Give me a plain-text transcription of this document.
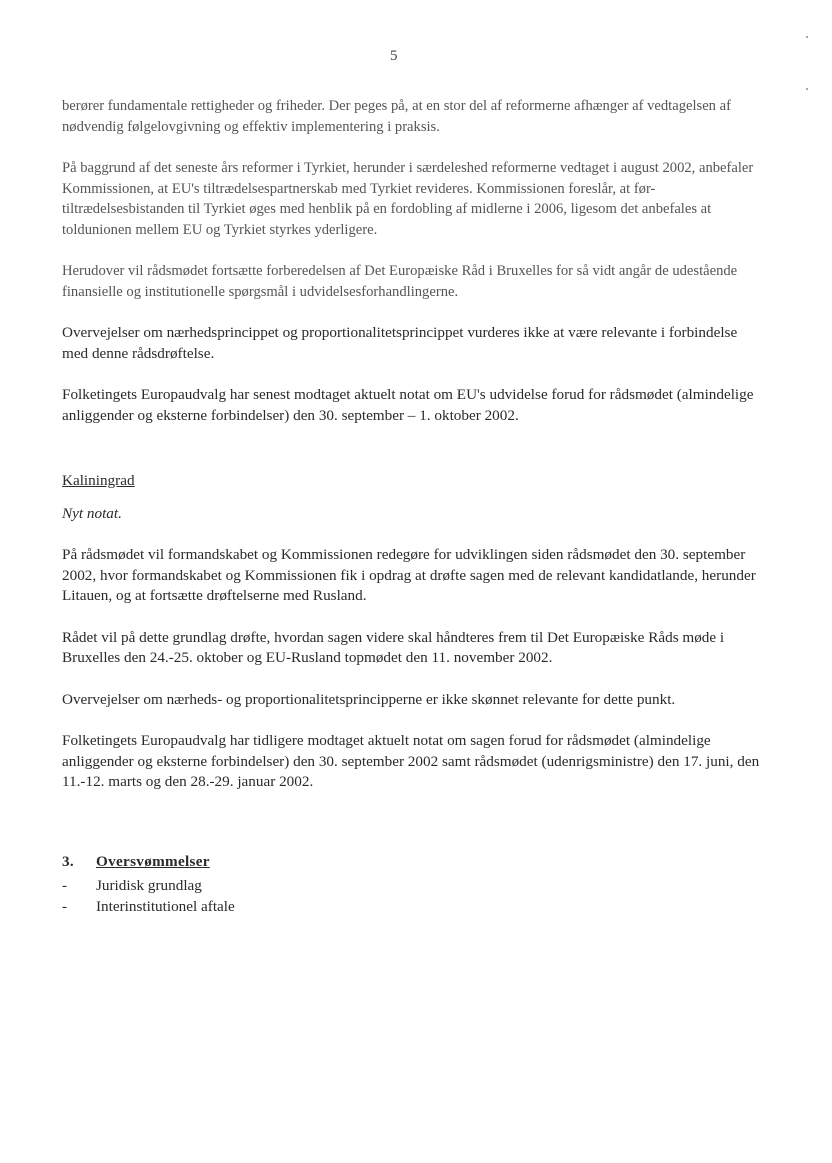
5

berører fundamentale rettigheder og friheder. Der peges på, at en stor del af reformerne afhænger af vedtagelsen af nødvendig følgelovgivning og effektiv implementering i praksis.

På baggrund af det seneste års reformer i Tyrkiet, herunder i særdeleshed reformerne vedtaget i august 2002, anbefaler Kommissionen, at EU's tiltrædelsespartnerskab med Tyrkiet revideres. Kommissionen foreslår, at før-tiltrædelsesbistanden til Tyrkiet øges med henblik på en fordobling af midlerne i 2006, ligesom det anbefales at toldunionen mellem EU og Tyrkiet styrkes yderligere.

Herudover vil rådsmødet fortsætte forberedelsen af Det Europæiske Råd i Bruxelles for så vidt angår de udestående finansielle og institutionelle spørgsmål i udvidelsesforhandlingerne.

Overvejelser om nærhedsprincippet og proportionalitetsprincippet vurderes ikke at være relevante i forbindelse med denne rådsdrøftelse.

Folketingets Europaudvalg har senest modtaget aktuelt notat om EU's udvidelse forud for rådsmødet (almindelige anliggender og eksterne forbindelser) den 30. september – 1. oktober 2002.

Kaliningrad
Nyt notat.

På rådsmødet vil formandskabet og Kommissionen redegøre for udviklingen siden rådsmødet den 30. september 2002, hvor formandskabet og Kommissionen fik i opdrag at drøfte sagen med de relevant kandidatlande, herunder Litauen, og at fortsætte drøftelserne med Rusland.

Rådet vil på dette grundlag drøfte, hvordan sagen videre skal håndteres frem til Det Europæiske Råds møde i Bruxelles den 24.-25. oktober og EU-Rusland topmødet den 11. november 2002.

Overvejelser om nærheds- og proportionalitetsprincipperne er ikke skønnet relevante for dette punkt.

Folketingets Europaudvalg har tidligere modtaget aktuelt notat om sagen forud for rådsmødet (almindelige anliggender og eksterne forbindelser) den 30. september 2002 samt rådsmødet (udenrigsministre) den 17. juni, den 11.-12. marts og den 28.-29. januar 2002.

3. Oversvømmelser
-	Juridisk grundlag
-	Interinstitutionel aftale
